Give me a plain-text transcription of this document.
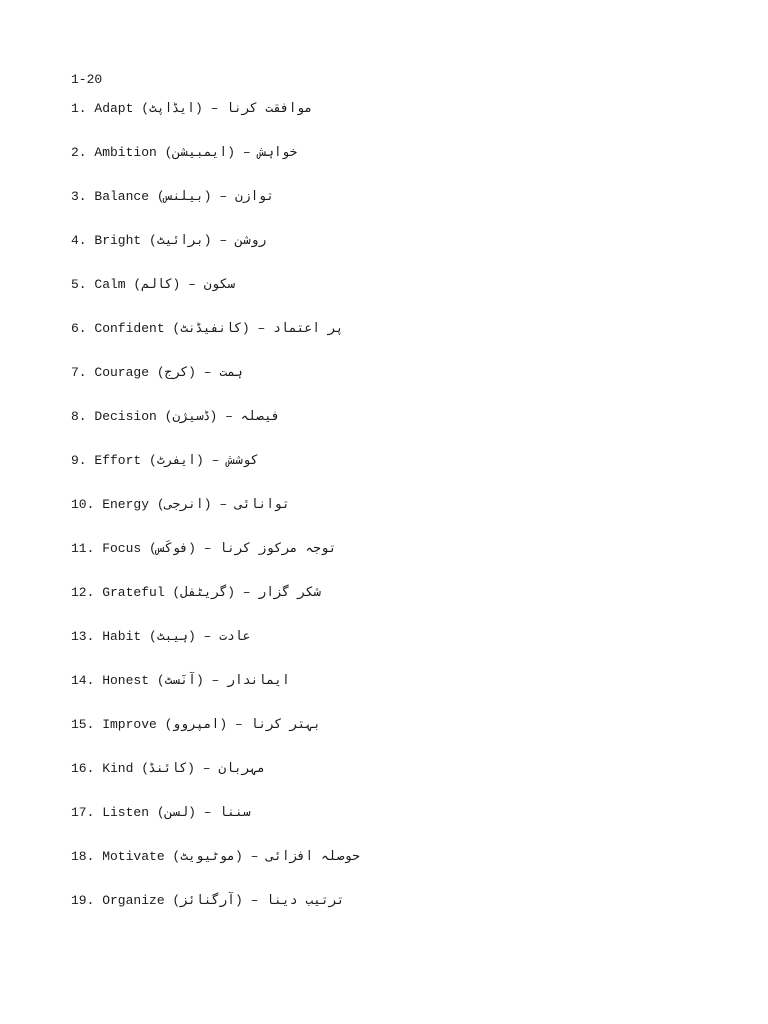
1-20
1. Adapt (ایڈاپٹ) – موافقت کرنا
2. Ambition (ایمبیشن) – خواہش
3. Balance (بیلنس) – توازن
4. Bright (برائیٹ) – روشن
5. Calm (کالم) – سکون
6. Confident (کانفیڈنٹ) – پر اعتماد
7. Courage (کرج) – ہمت
8. Decision (ڈسیژن) – فیصلہ
9. Effort (ایفرٹ) – کوشش
10. Energy (انرجی) – توانائی
11. Focus (فوکَس) – توجہ مرکوز کرنا
12. Grateful (گریٹفل) – شکر گزار
13. Habit (ہیبٹ) – عادت
14. Honest (آنَسٹ) – ایماندار
15. Improve (امپروو) – بہتر کرنا
16. Kind (کائنڈ) – مہربان
17. Listen (لسن) – سننا
18. Motivate (موٹیویٹ) – حوصلہ افزائی
19. Organize (آرگنائز) – ترتیب دینا
